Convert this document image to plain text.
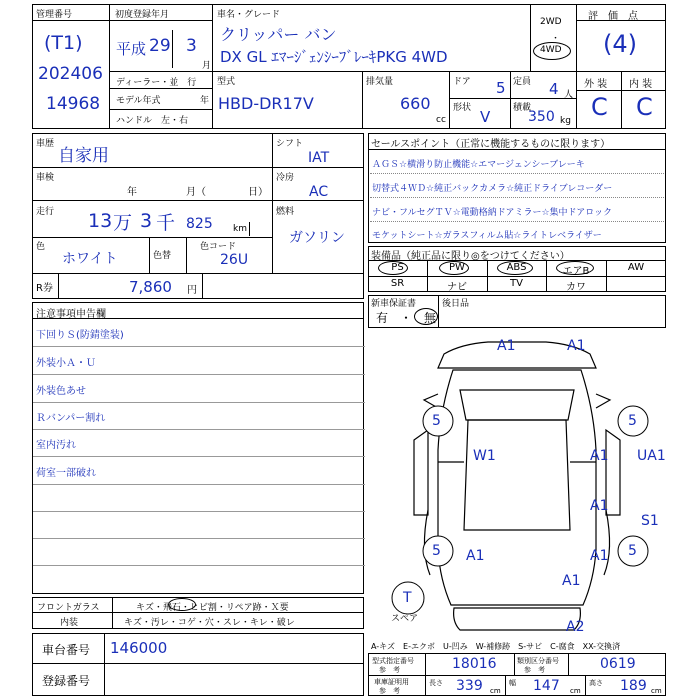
管理番号
(T1)
202406
14968
初度登録年月
平成 29 3
月
ディーラー・並　行
モデル年式	年
ハンドル　左・右
車名・グレード
クリッパー バン
DX GL ｴﾏｰｼﾞｪﾝｼｰﾌﾞﾚｰｷPKG 4WD
2WD
・
4WD
評　価　点
(4)
外 装 内 装
C C
型式
HBD-DR17V
排気量
660
cc
ドア 5 定員 4 人
形状 V	積載
350 kg
車歴
自家用
車検
年	月（	日）
走行 13 万 3 千 825 km
色
ホワイト	色替
色コード
26U
シフト
IAT
冷房
AC
燃料
ガソリン
R券	7,860 円
セールスポイント（正常に機能するものに限ります）
ＡＧＳ☆横滑り防止機能☆エマージェンシーブレーキ
切替式４ＷＤ☆純正バックカメラ☆純正ドライブレコーダー
ナビ・フルセグＴＶ☆電動格納ドアミラー☆集中ドアロック
モケットシート☆ガラスフィルム貼☆ライトレベライザー
装備品（純正品に限り◎をつけてください）
PS	PW	ABS	エアB	AW
SR	ナビ	TV	カワ
新車保証書
有　・　無
後日品
注意事項申告欄
下回りＳ(防錆塗装)
外装小Ａ・Ｕ
外装色あせ
Ｒバンパー割れ
室内汚れ
荷室一部破れ
フロントガラス	キズ・飛石・ヒビ割・リペア跡・Ｘ要
内装	キズ・汚レ・コゲ・穴・スレ・キレ・破レ
車台番号 146000
登録番号
A1	A1
5	5
W1	A1 UA1
A1
S1
5 A1	A1 5
A1
A2
T
スペア
A-キズ　E-エクボ　U-凹み　W-補修跡　S-サビ　C-腐食　XX-交換済
型式指定番号
参　考	18016	類別区分番号
参　考	0619
車庫証明用
参　考
長さ 339 cm
幅 147 cm
高さ 189 cm
